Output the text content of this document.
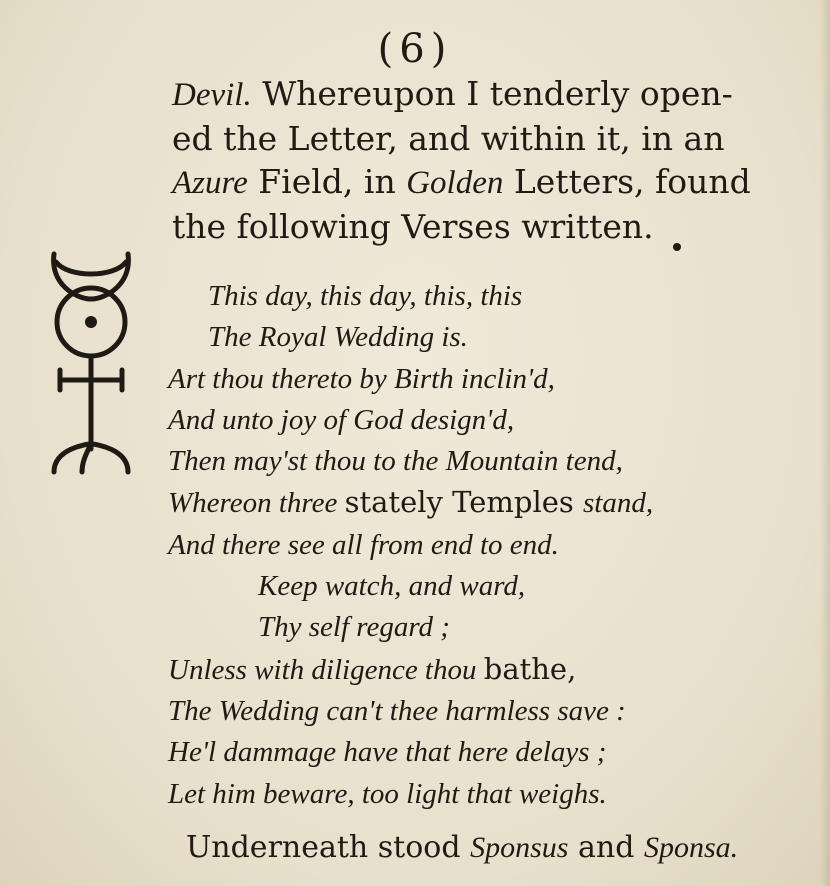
(6)
Devil. Whereupon I tenderly open-
ed the Letter, and within it, in an
Azure Field, in Golden Letters, found
the following Verses written.
This day, this day, this, this
The Royal Wedding is.
Art thou thereto by Birth inclin'd,
And unto joy of God design'd,
Then may'st thou to the Mountain tend,
Whereon three stately Temples stand,
And there see all from end to end.
Keep watch, and ward,
Thy self regard ;
Unless with diligence thou bathe,
The Wedding can't thee harmless save :
He'l dammage have that here delays ;
Let him beware, too light that weighs.
Underneath stood Sponsus and Sponsa.
